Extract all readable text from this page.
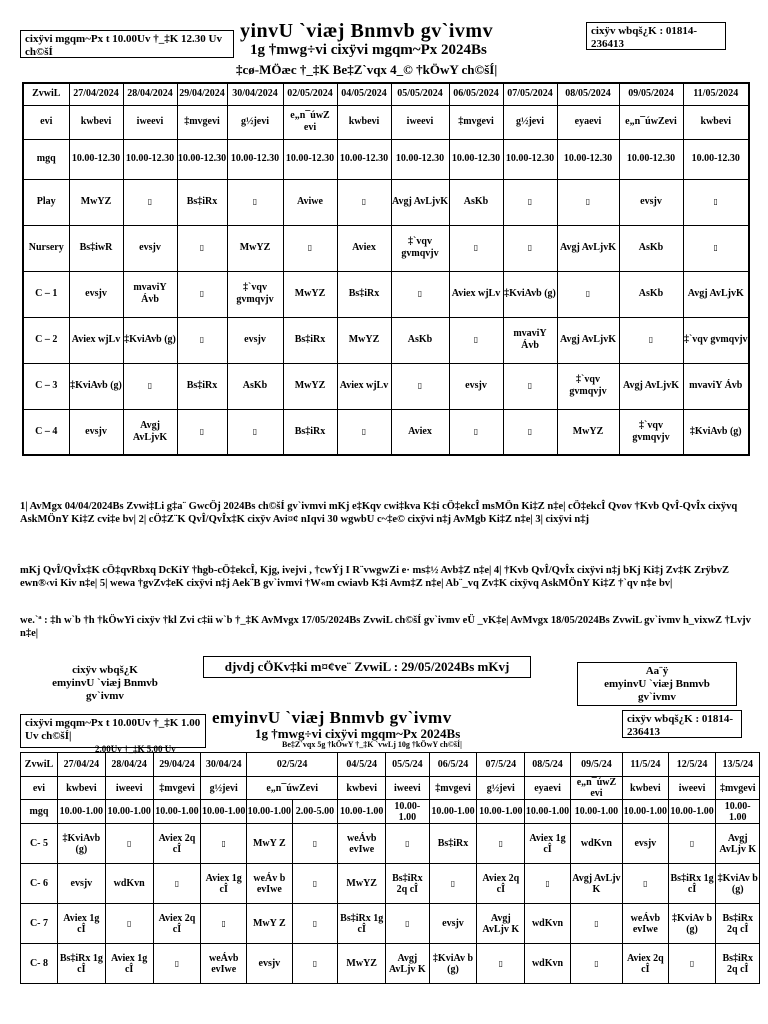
cixÿvi mgqm~Px t 10.00Uv †_‡K 12.30 Uv ch©šÍ
yinvU `viæj Bnmvb gv`ivmv	cixÿv wbqš¿K : 01814-236413
1g †mwg÷vi cixÿvi mgqm~Px 2024Bs
‡cø-MÖæc †_‡K Be‡Z`vqx 4_© †kÖwY ch©šÍ|
ZvwiL	27/04/2024	28/04/2024	29/04/2024	30/04/2024	02/05/2024	04/05/2024	05/05/2024	06/05/2024	07/05/2024	08/05/2024	09/05/2024	11/05/2024
evi	kwbevi	iweevi	‡mvgevi	g½jevi	e„n¯úwZ evi	kwbevi	iweevi	‡mvgevi	g½jevi	eyaevi	e„n¯úwZevi	kwbevi
mgq	10.00-12.30	10.00-12.30	10.00-12.30	10.00-12.30	10.00-12.30	10.00-12.30	10.00-12.30	10.00-12.30	10.00-12.30	10.00-12.30	10.00-12.30	10.00-12.30
Play	MwYZ	▯	Bs‡iRx	▯	Aviwe	▯	Avgj AvLjvK	AsKb	▯	▯	evsjv	▯
Nursery	Bs‡iwR	evsjv	▯	MwYZ	▯	Aviex	‡`vqv gvmqvjv	▯	▯	Avgj AvLjvK	AsKb	▯
C – 1	evsjv	mvaviY Ávb	▯	‡`vqv gvmqvjv	MwYZ	Bs‡iRx	▯	Aviex wjLv	‡KviAvb (g)	▯	AsKb	Avgj AvLjvK
C – 2	Aviex wjLv	‡KviAvb (g)	▯	evsjv	Bs‡iRx	MwYZ	AsKb	▯	mvaviY Ávb	Avgj AvLjvK	▯	‡`vqv gvmqvjv
C – 3	‡KviAvb (g)	▯	Bs‡iRx	AsKb	MwYZ	Aviex wjLv	▯	evsjv	▯	‡`vqv gvmqvjv	Avgj AvLjvK	mvaviY Ávb
C – 4	evsjv	Avgj AvLjvK	▯	▯	Bs‡iRx	▯	Aviex	▯	▯	MwYZ	‡`vqv gvmqvjv	‡KviAvb (g)
1| AvMgx 04/04/2024Bs Zvwi‡Li g‡a¨ GwcÖj 2024Bs ch©šÍ gv`ivmvi mKj e‡Kqv cwi‡kva K‡i cÖ‡ekcÎ msMÖn Ki‡Z n‡e| cÖ‡ekcÎ Qvov †Kvb QvÎ-QvÎx cixÿvq AskMÖnY Ki‡Z cvi‡e bv| 2| cÖ‡Z¨K QvÎ/QvÎx‡K cixÿv Avi¤¢ nIqvi 30 wgwbU c~‡e© cixÿvi n‡j AvMgb Ki‡Z n‡e| 3| cixÿvi n‡j
mKj QvÎ/QvÎx‡K cÖ‡qvRbxq DcKiY †hgb-cÖ‡ekcÎ, Kjg, ivejvi , †cwÝj I R¨vwgwZi e· ms‡½ Avb‡Z n‡e| 4| †Kvb QvÎ/QvÎx cixÿvi n‡j bKj Ki‡j Zv‡K ZrÿbvZ ewn®‹vi Kiv n‡e| 5| wewa †gvZv‡eK cixÿvi n‡j Aek¨B gv`ivmvi †W«m cwiavb K‡i Avm‡Z n‡e| Ab¨_vq Zv‡K cixÿvq AskMÖnY Ki‡Z †`qv n‡e bv|
we.`ª : ‡h w`b †h †kÖwYi cixÿv †kl Zvi c‡ii w`b †_‡K AvMvgx 17/05/2024Bs ZvwiL ch©šÍ gv`ivmv eÜ _vK‡e| AvMvgx 18/05/2024Bs ZvwiL gv`ivmv h_vixwZ †Lvjv n‡e|
cixÿv wbqš¿K
emyinvU `viæj Bnmvb
gv`ivmv
djvdj cÖKv‡ki m¤¢ve¨ ZvwiL : 29/05/2024Bs mKvj	Aa¨ÿ
emyinvU `viæj Bnmvb
gv`ivmv
cixÿvi mgqm~Px t 10.00Uv †_‡K 1.00 Uv ch©šÍ|
2.00Uv †_‡K 5.00 Uv
emyinvU `viæj Bnmvb gv`ivmv	cixÿv wbqš¿K : 01814-236413
1g †mwg÷vi cixÿvi mgqm~Px 2024Bs
Be‡Z`vqx 5g †kÖwY †_‡K `vwLj 10g †kÖwY ch©šÍ|
ZvwiL	27/04/24	28/04/24	29/04/24	30/04/24	02/5/24		04/5/24	05/5/24	06/5/24	07/5/24	08/5/24	09/5/24	11/5/24	12/5/24	13/5/24
evi	kwbevi	iweevi	‡mvgevi	g½jevi	e„n¯úwZevi		kwbevi	iweevi	‡mvgevi	g½jevi	eyaevi	e„n¯úwZ evi	kwbevi	iweevi	‡mvgevi
mgq	10.00-1.00	10.00-1.00	10.00-1.00	10.00-1.00	10.00-1.00	2.00-5.00	10.00-1.00	10.00-1.00	10.00-1.00	10.00-1.00	10.00-1.00	10.00-1.00	10.00-1.00	10.00-1.00	10.00-1.00
C- 5	‡KviAvb (g)	▯	Aviex 2q cÎ	▯	MwY Z	▯	weÁvb evIwe	▯	Bs‡iRx	▯	Aviex 1g cÎ	wdKvn	evsjv	▯	Avgj AvLjv K
C- 6	evsjv	wdKvn	▯	Aviex 1g cÎ	weÁv b evIwe	▯	MwYZ	Bs‡iRx 2q cÎ	▯	Aviex 2q cÎ	▯	Avgj AvLjv K	▯	Bs‡iRx 1g cÎ	‡KviAv b (g)
C- 7	Aviex 1g cÎ	▯	Aviex 2q cÎ	▯	MwY Z	▯	Bs‡iRx 1g cÎ	▯	evsjv	Avgj AvLjv K	wdKvn	▯	weÁvb evIwe	‡KviAv b (g)	Bs‡iRx 2q cÎ
C- 8	Bs‡iRx 1g cÎ	Aviex 1g cÎ	▯	weÁvb evIwe	evsjv	▯	MwYZ	Avgj AvLjv K	‡KviAv b (g)	▯	wdKvn	▯	Aviex 2q cÎ	▯	Bs‡iRx 2q cÎ
